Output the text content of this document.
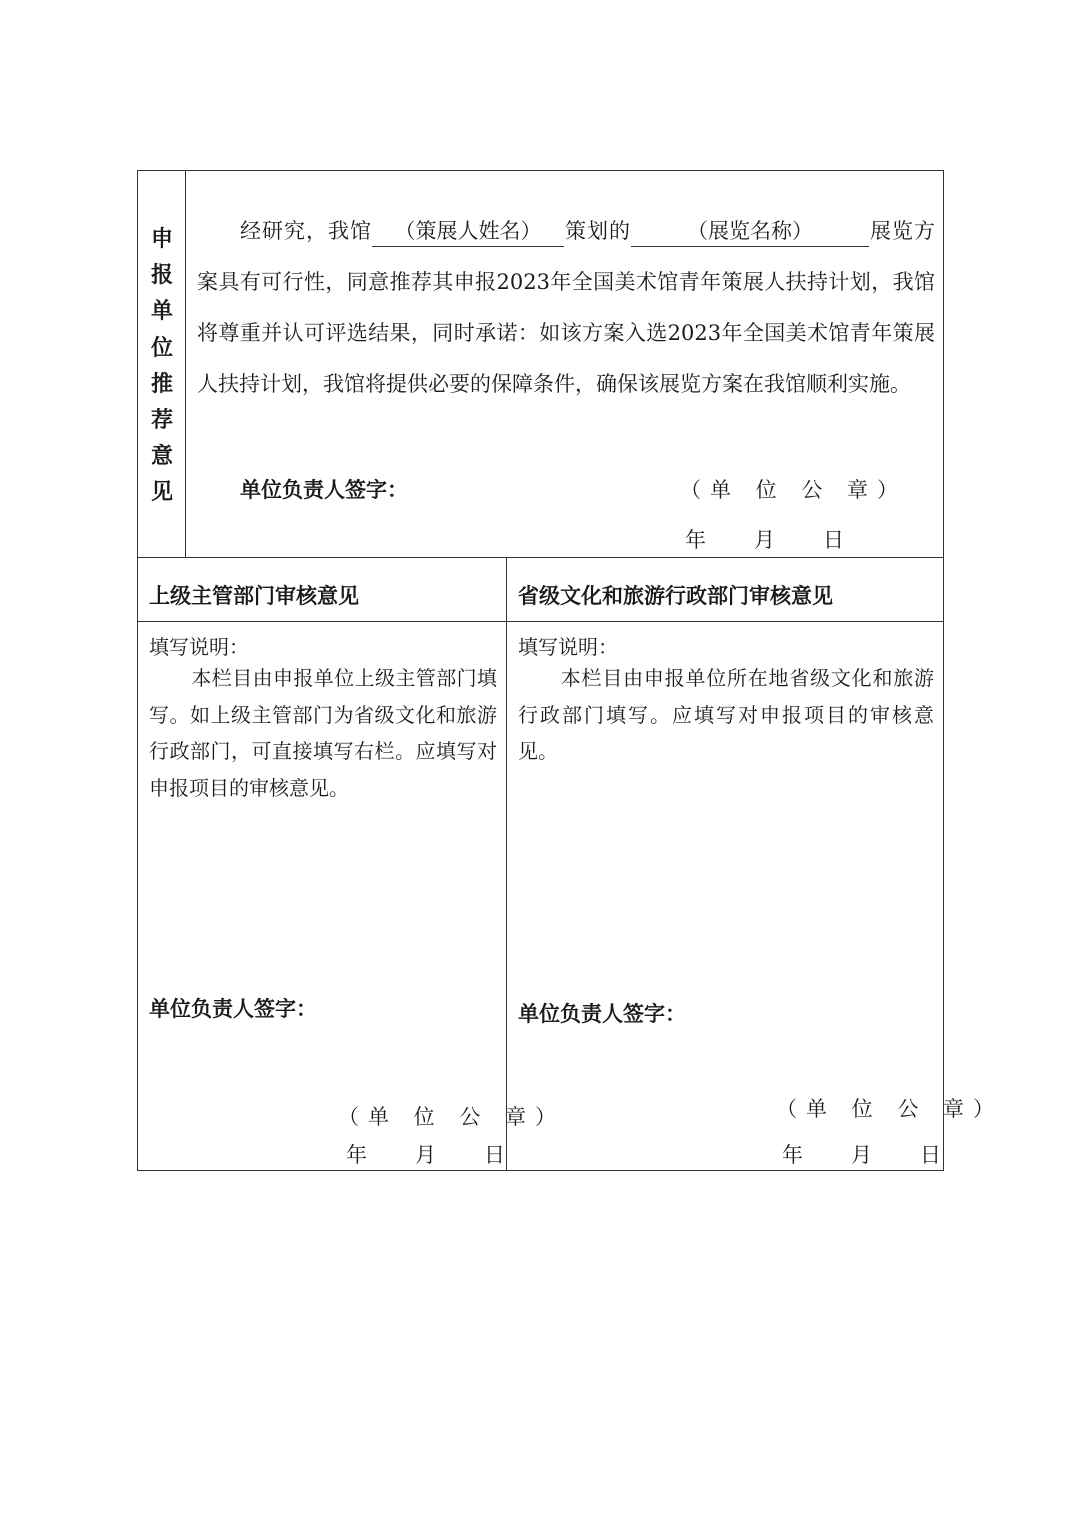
申
报
单
位
推
荐
意
见
经研究，我馆 （策展人姓名） 策划的	（展览名称）	展览方案具有可行性，同意推荐其申报2023年全国美术馆青年策展人扶持计划，我馆将尊重并认可评选结果，同时承诺：如该方案入选2023年全国美术馆青年策展人扶持计划，我馆将提供必要的保障条件，确保该展览方案在我馆顺利实施。
单位负责人签字：	（单 位 公 章）
年　　月　　日
上级主管部门审核意见
填写说明：
本栏目由申报单位上级主管部门填写。如上级主管部门为省级文化和旅游行政部门，可直接填写右栏。应填写对申报项目的审核意见。
单位负责人签字：
（单 位 公 章）
年　　月　　日
省级文化和旅游行政部门审核意见
填写说明：
本栏目由申报单位所在地省级文化和旅游行政部门填写。应填写对申报项目的审核意见。
单位负责人签字：
（单 位 公 章）
年　　月　　日
